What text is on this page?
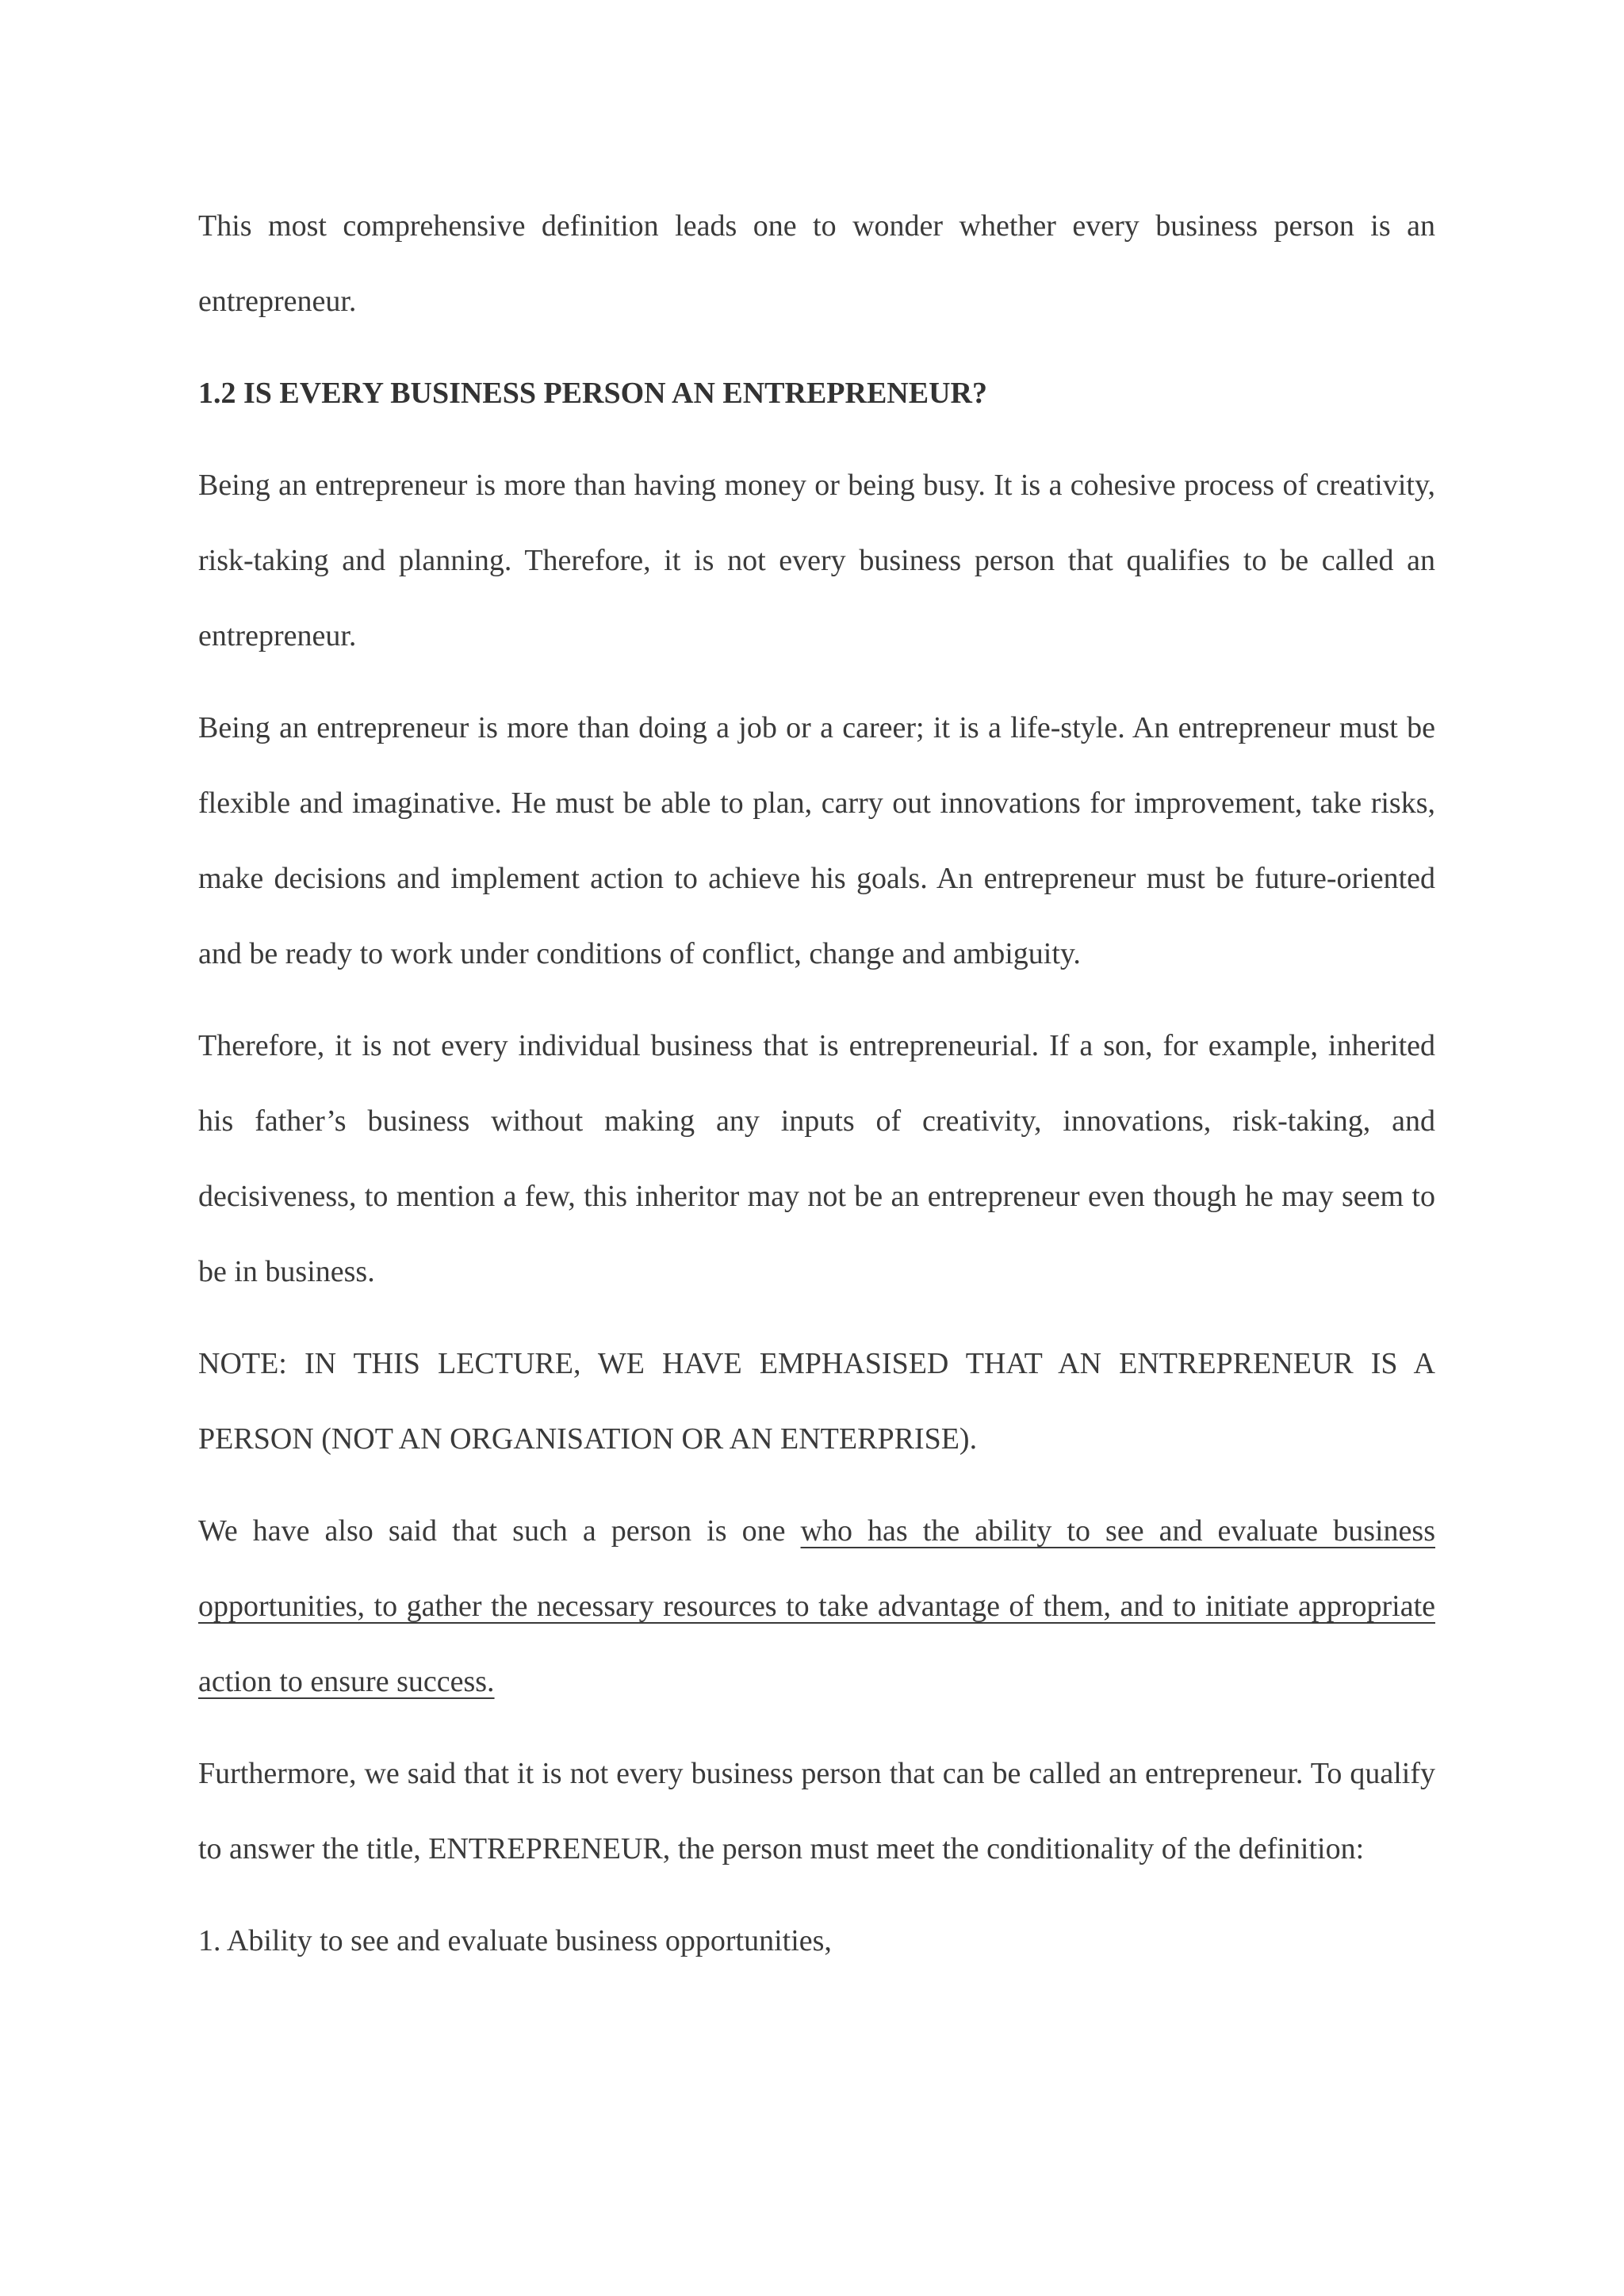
This most comprehensive definition leads one to wonder whether every business person is an entrepreneur.

1.2 IS EVERY BUSINESS PERSON AN ENTREPRENEUR?

Being an entrepreneur is more than having money or being busy. It is a cohesive process of creativity, risk-taking and planning. Therefore, it is not every business person that qualifies to be called an entrepreneur.

Being an entrepreneur is more than doing a job or a career; it is a life-style. An entrepreneur must be flexible and imaginative. He must be able to plan, carry out innovations for improvement, take risks, make decisions and implement action to achieve his goals. An entrepreneur must be future-oriented and be ready to work under conditions of conflict, change and ambiguity.

Therefore, it is not every individual business that is entrepreneurial. If a son, for example, inherited his father’s business without making any inputs of creativity, innovations, risk-taking, and decisiveness, to mention a few, this inheritor may not be an entrepreneur even though he may seem to be in business.

NOTE: IN THIS LECTURE, WE HAVE EMPHASISED THAT AN ENTREPRENEUR IS A PERSON (NOT AN ORGANISATION OR AN ENTERPRISE).

We have also said that such a person is one who has the ability to see and evaluate business opportunities, to gather the necessary resources to take advantage of them, and to initiate appropriate action to ensure success.

Furthermore, we said that it is not every business person that can be called an entrepreneur. To qualify to answer the title, ENTREPRENEUR, the person must meet the conditionality of the definition:

1. Ability to see and evaluate business opportunities,
